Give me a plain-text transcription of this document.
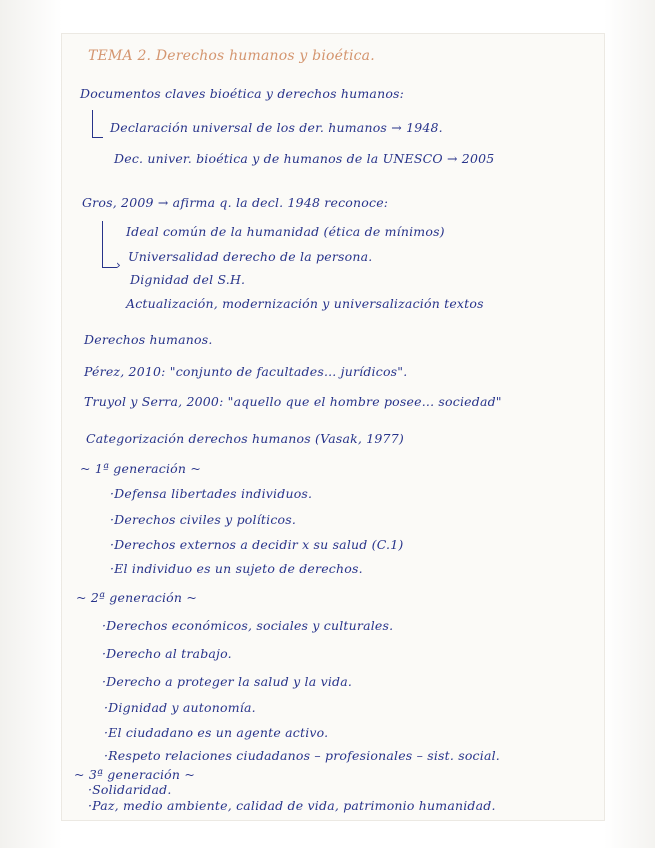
TEMA 2. Derechos humanos y bioética.
Documentos claves bioética y derechos humanos:
Declaración universal de los der. humanos → 1948.
Dec. univer. bioética y de humanos de la UNESCO → 2005
Gros, 2009 → afirma q. la decl. 1948 reconoce:
›
Ideal común de la humanidad (ética de mínimos)
Universalidad derecho de la persona.
Dignidad del S.H.
Actualización, modernización y universalización textos
Derechos humanos.
Pérez, 2010: "conjunto de facultades... jurídicos".
Truyol y Serra, 2000: "aquello que el hombre posee... sociedad"
Categorización derechos humanos (Vasak, 1977)
~ 1ª generación ~
·Defensa libertades individuos.
·Derechos civiles y políticos.
·Derechos externos a decidir x su salud (C.1)
·El individuo es un sujeto de derechos.
~ 2ª generación ~
·Derechos económicos, sociales y culturales.
·Derecho al trabajo.
·Derecho a proteger la salud y la vida.
·Dignidad y autonomía.
·El ciudadano es un agente activo.
·Respeto relaciones ciudadanos – profesionales – sist. social.
~ 3ª generación ~
·Solidaridad.
·Paz, medio ambiente, calidad de vida, patrimonio humanidad.
